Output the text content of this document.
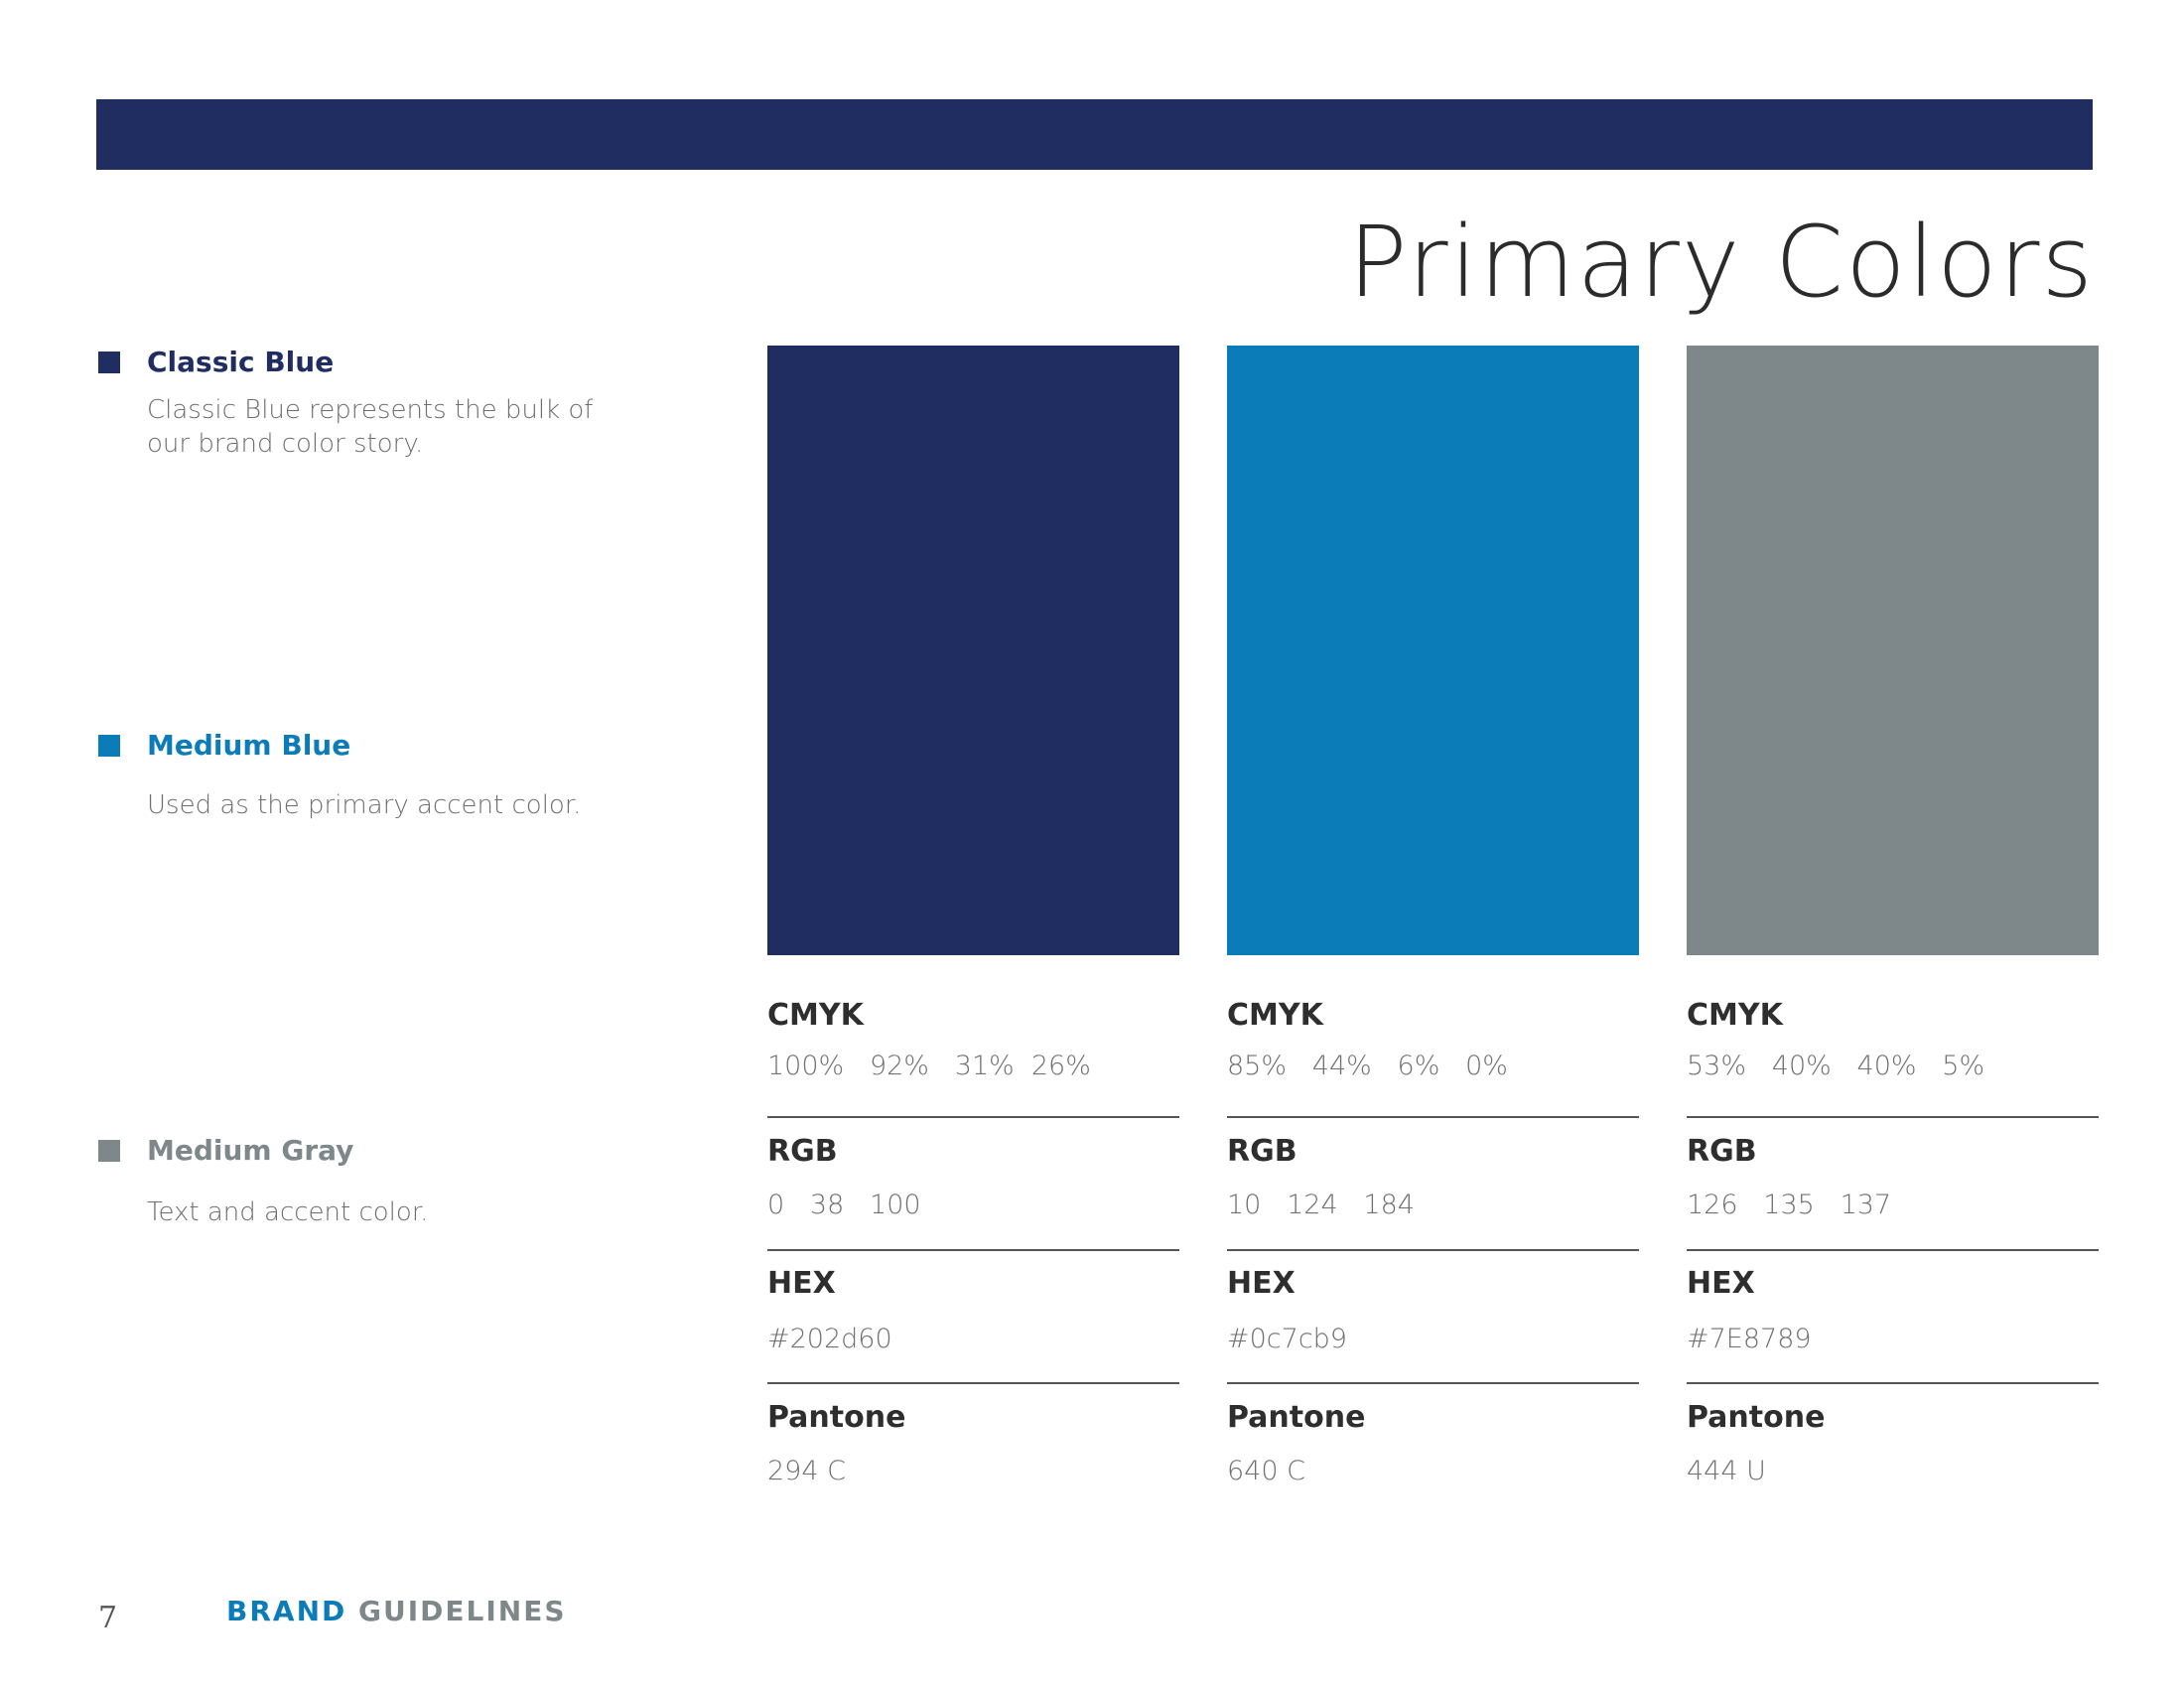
Primary Colors
Classic Blue
Classic Blue represents the bulk of
our brand color story.
Medium Blue
Used as the primary accent color.
Medium Gray
Text and accent color.
CMYK
100%   92%   31%  26%
RGB
0   38   100
HEX
#202d60
Pantone
294 C
CMYK
85%   44%   6%   0%
RGB
10   124   184
HEX
#0c7cb9
Pantone
640 C
CMYK
53%   40%   40%   5%
RGB
126   135   137
HEX
#7E8789
Pantone
444 U
7	BRAND GUIDELINES
